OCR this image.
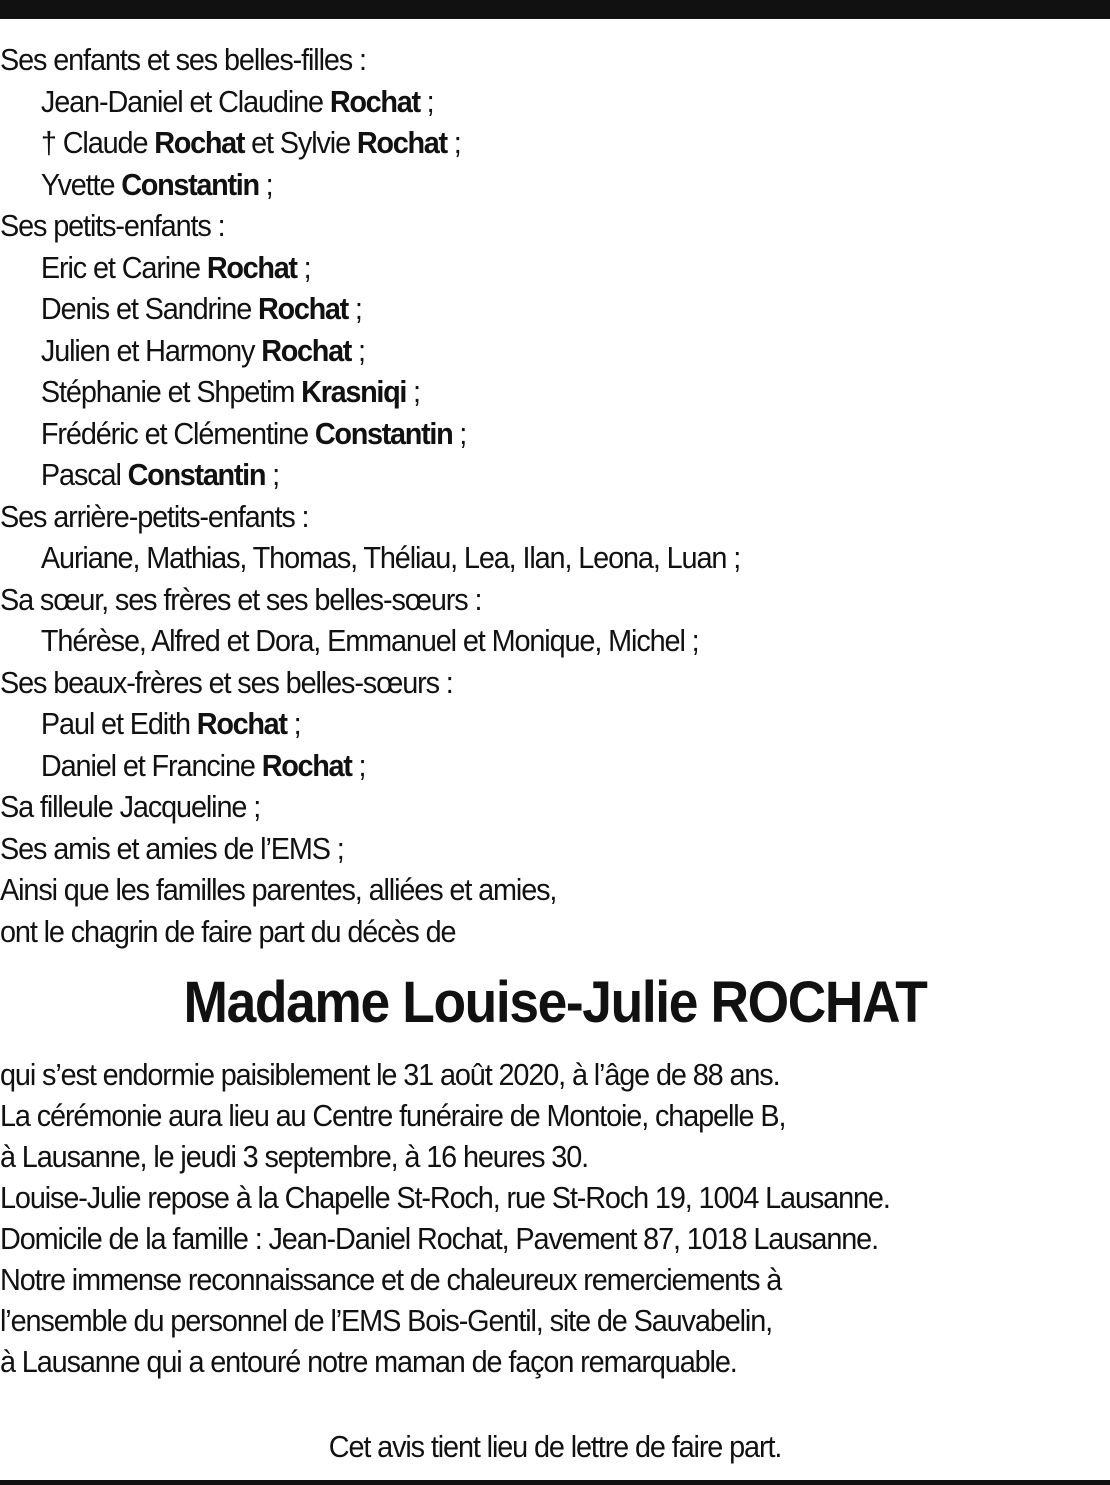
Ses enfants et ses belles-filles :
Jean-Daniel et Claudine Rochat ;
† Claude Rochat et Sylvie Rochat ;
Yvette Constantin ;
Ses petits-enfants :
Eric et Carine Rochat ;
Denis et Sandrine Rochat ;
Julien et Harmony Rochat ;
Stéphanie et Shpetim Krasniqi ;
Frédéric et Clémentine Constantin ;
Pascal Constantin ;
Ses arrière-petits-enfants :
Auriane, Mathias, Thomas, Théliau, Lea, Ilan, Leona, Luan ;
Sa sœur, ses frères et ses belles-sœurs :
Thérèse, Alfred et Dora, Emmanuel et Monique, Michel ;
Ses beaux-frères et ses belles-sœurs :
Paul et Edith Rochat ;
Daniel et Francine Rochat ;
Sa filleule Jacqueline ;
Ses amis et amies de l’EMS ;
Ainsi que les familles parentes, alliées et amies,
ont le chagrin de faire part du décès de
Madame Louise-Julie ROCHAT
qui s’est endormie paisiblement le 31 août 2020, à l’âge de 88 ans.
La cérémonie aura lieu au Centre funéraire de Montoie, chapelle B,
à Lausanne, le jeudi 3 septembre, à 16 heures 30.
Louise-Julie repose à la Chapelle St-Roch, rue St-Roch 19, 1004 Lausanne.
Domicile de la famille : Jean-Daniel Rochat, Pavement 87, 1018 Lausanne.
Notre immense reconnaissance et de chaleureux remerciements à
l’ensemble du personnel de l’EMS Bois-Gentil, site de Sauvabelin,
à Lausanne qui a entouré notre maman de façon remarquable.
Cet avis tient lieu de lettre de faire part.
